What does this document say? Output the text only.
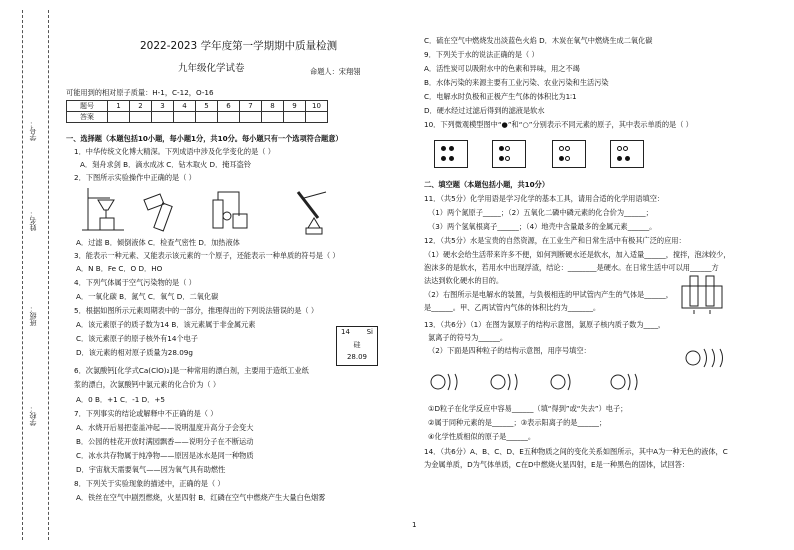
学号：
姓名：
班级：
学校：
2022-2023 学年度第一学期期中质量检测
九年级化学试卷	命题人：宋翔翎
可能用到的相对原子质量：H-1，C-12，O-16
题号	1	2	3	4	5	6	7	8	9	10
答案										
一、选择题（本题包括10小题，每小题1分，共10分。每小题只有一个选项符合题意）
1．中华传统文化博大精深。下列成语中涉及化学变化的是（ ）
A．刻舟求剑 B．滴水成冰 C．钻木取火 D．掩耳盗铃
2．下图所示实验操作中正确的是（ ）
A．过滤 B．倾倒液体 C．检查气密性 D．加热液体
3．能表示一种元素、又能表示该元素的一个原子，还能表示一种单质的符号是（ ）
A．N B．Fe C．O D．HO
4．下列气体属于空气污染物的是（ ）
A．一氧化碳 B．氮气 C．氧气 D．二氧化碳
5．根据如图所示元素周期表中的一部分，推理得出的下列说法错误的是（ ）
A．该元素原子的质子数为14 B．该元素属于非金属元素
C．该元素原子的原子核外有14个电子
D．该元素的相对原子质量为28.09g
14 Si
硅
28.09
6．次氯酸钙[化学式Ca(ClO)₂]是一种常用的漂白剂，主要用于造纸工业纸
浆的漂白，次氯酸钙中氯元素的化合价为（ ）
A．0 B．+1 C．-1 D．+5
7．下列事实的结论或解释中不正确的是（ ）
A．水烧开后易把壶盖冲起——说明温度升高分子会变大
B．公园的桂花开放时满园飘香——说明分子在不断运动
C．冰水共存物属于纯净物——原因是冰水是同一种物质
D．宇宙航天需要氧气——因为氧气具有助燃性
8．下列关于实验现象的描述中，正确的是（ ）
A．铁丝在空气中剧烈燃烧，火星四射 B．红磷在空气中燃烧产生大量白色烟雾
C．硫在空气中燃烧发出淡蓝色火焰 D．木炭在氧气中燃烧生成二氧化碳
9．下列关于水的说法正确的是（ ）
A．活性炭可以吸附水中的色素和异味，用之不竭
B．水体污染的来源主要有工业污染、农业污染和生活污染
C．电解水时负极和正极产生气体的体积比为1∶1
D．硬水经过过滤后得到的滤液是软水
10．下列微观模型图中“●”和“○”分别表示不同元素的原子，其中表示单质的是（ ）
二、填空题（本题包括小题，共10分）
11．（共5分）化学用语是学习化学的基本工具，请用合适的化学用语填空：
（1）两个氮原子_____；（2）五氧化二磷中磷元素的化合价为______；
（3）两个氢氧根离子______；（4）地壳中含量最多的金属元素______。
12．（共5分）水是宝贵的自然资源，在工业生产和日常生活中有极其广泛的应用：
（1）硬水会给生活带来许多不便，如何判断硬水还是软水，加入适量______，搅拌，泡沫较少，
泡沫多的是软水，若用水中出现浮渣，结论：________是硬水。在日常生活中可以用______方
法达到软化硬水的目的。
（2）右图所示是电解水的装置，与负极相连的甲试管内产生的气体是______，
是______。甲、乙两试管内气体的体积比约为_______。
13．（共6分）（1）在图为氯原子的结构示意图，氯原子核内质子数为____，
氯离子的符号为______。
（2）下面是四种粒子的结构示意图，用序号填空：
①D粒子在化学反应中容易______（填“得到”或“失去”）电子；
②属于同种元素的是______；③表示阳离子的是______；
④化学性质相似的原子是______。
14．（共6分）A、B、C、D、E五种物质之间的变化关系如图所示，其中A为一种无色的液体，C
为金属单质，D为气体单质，C在D中燃烧火星四射，E是一种黑色的固体，试回答：
1
